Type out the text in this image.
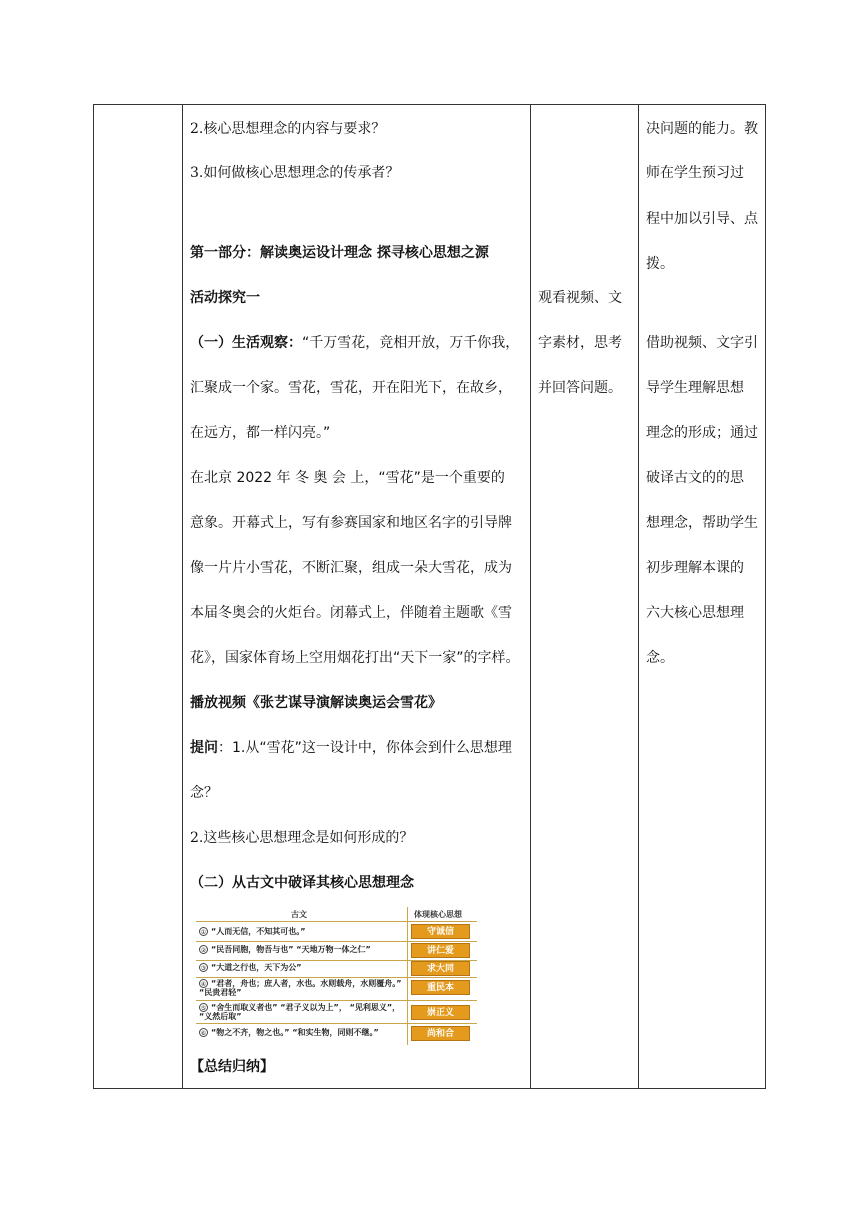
2.核心思想理念的内容与要求？
3.如何做核心思想理念的传承者？
第一部分：解读奥运设计理念 探寻核心思想之源
活动探究一
（一）生活观察：“千万雪花，竞相开放，万千你我，
汇聚成一个家。雪花，雪花，开在阳光下，在故乡，
在远方，都一样闪亮。”
在北京 2022 年 冬 奥 会 上，“雪花”是一个重要的
意象。开幕式上，写有参赛国家和地区名字的引导牌
像一片片小雪花，不断汇聚，组成一朵大雪花，成为
本届冬奥会的火炬台。闭幕式上，伴随着主题歌《雪
花》，国家体育场上空用烟花打出“天下一家”的字样。
播放视频《张艺谋导演解读奥运会雪花》
提问：1.从“雪花”这一设计中，你体会到什么思想理
念？
2.这些核心思想理念是如何形成的？
（二）从古文中破译其核心思想理念
古文	体现核心思想
① “人而无信，不知其可也。”	守诚信
② “民吾同胞，物吾与也” “天地万物一体之仁”	讲仁爱
③ “大道之行也，天下为公”	求大同
④ “君者，舟也；庶人者，水也。水则载舟，水则覆舟。” “民贵君轻”	重民本
⑤ “舍生而取义者也” “君子义以为上”， “见利思义”， “义然后取”	崇正义
⑥ “物之不齐，物之也。” “和实生物，同则不继。”	尚和合
【总结归纳】
观看视频、文
字素材，思考
并回答问题。
决问题的能力。教
师在学生预习过
程中加以引导、点
拨。
借助视频、文字引
导学生理解思想
理念的形成；通过
破译古文的的思
想理念，帮助学生
初步理解本课的
六大核心思想理
念。
